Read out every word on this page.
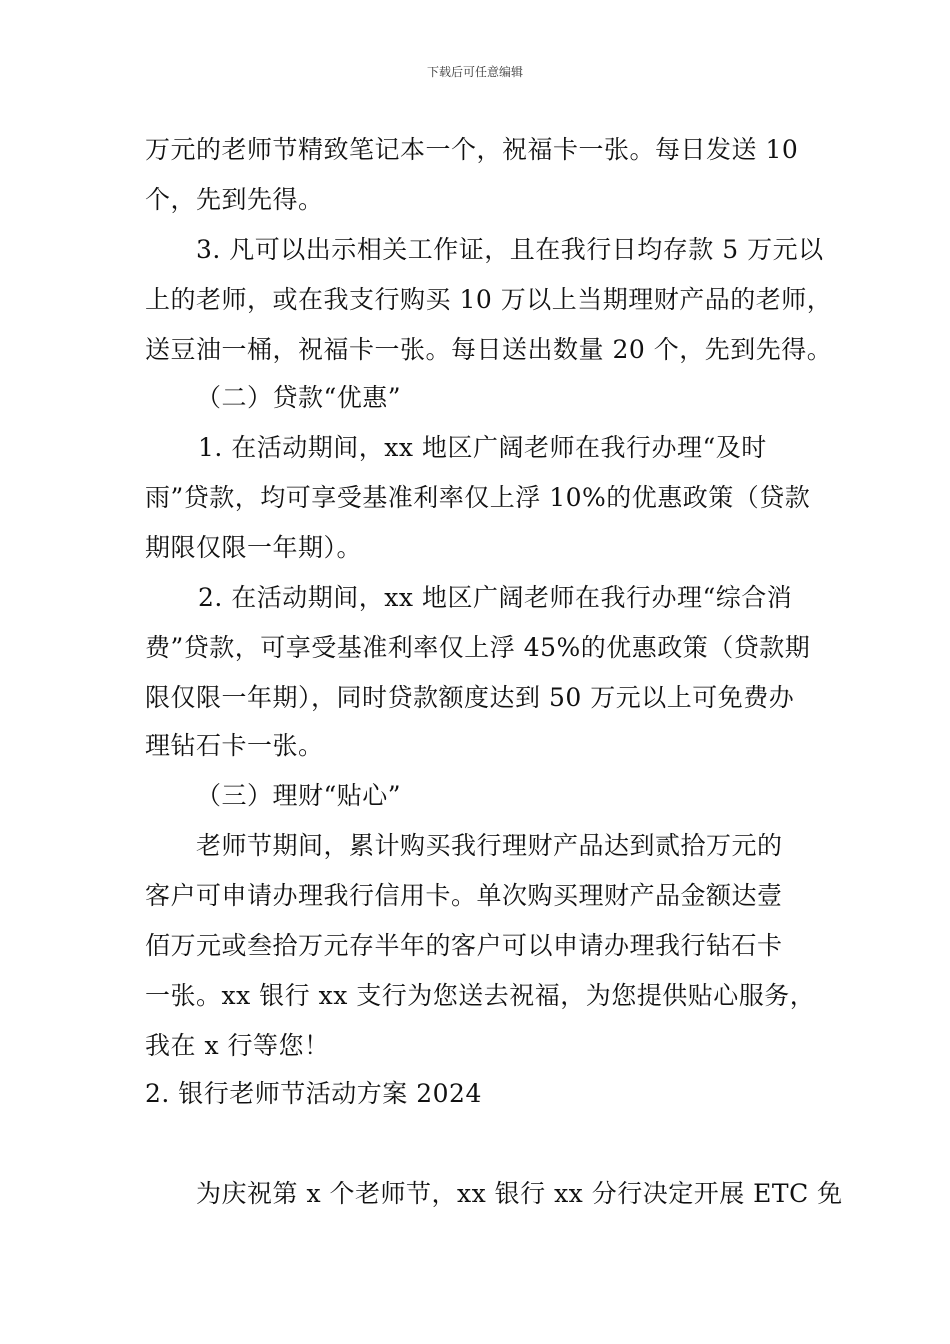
下载后可任意编辑
万元的老师节精致笔记本一个，祝福卡一张。每日发送 10
个，先到先得。
3. 凡可以出示相关工作证，且在我行日均存款 5 万元以
上的老师，或在我支行购买 10 万以上当期理财产品的老师，
送豆油一桶，祝福卡一张。每日送出数量 20 个，先到先得。
（二）贷款“优惠”
1. 在活动期间，xx 地区广阔老师在我行办理“及时
雨”贷款，均可享受基准利率仅上浮 10%的优惠政策（贷款
期限仅限一年期）。
2. 在活动期间，xx 地区广阔老师在我行办理“综合消
费”贷款，可享受基准利率仅上浮 45%的优惠政策（贷款期
限仅限一年期），同时贷款额度达到 50 万元以上可免费办
理钻石卡一张。
（三）理财“贴心”
老师节期间，累计购买我行理财产品达到贰拾万元的
客户可申请办理我行信用卡。单次购买理财产品金额达壹
佰万元或叁拾万元存半年的客户可以申请办理我行钻石卡
一张。xx 银行 xx 支行为您送去祝福，为您提供贴心服务，
我在 x 行等您！
2. 银行老师节活动方案 2024
为庆祝第 x 个老师节，xx 银行 xx 分行决定开展 ETC 免
